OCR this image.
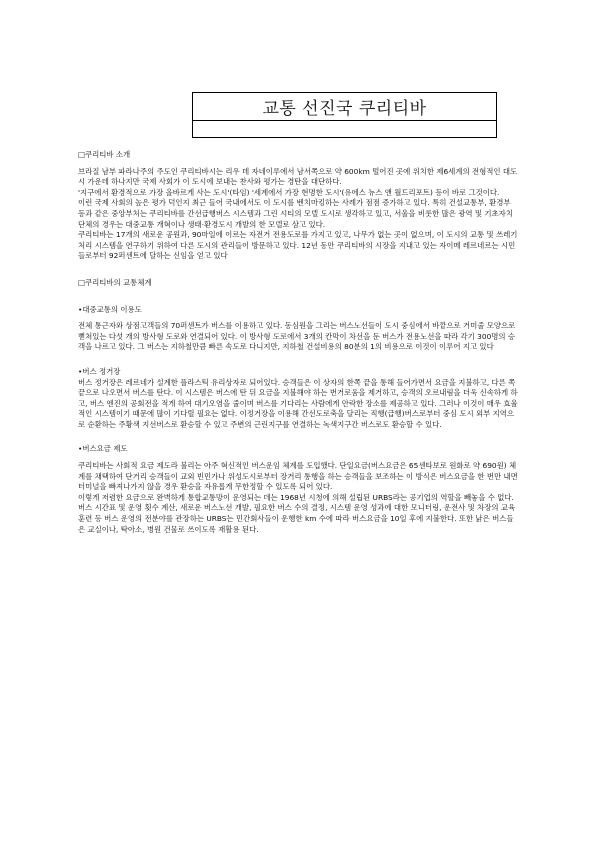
교통 선진국 쿠리티바

□쿠리티바 소개

브라질 남부 파라나주의 주도인 쿠리티바시는 리우 데 자네이루에서 남서쪽으로 약 600km 떨어진 곳에 위치한 제6세계의 전형적인 대도시 가운데 하나지만 국제 사회가 이 도시에 보내는 찬사와 평가는 경탄을 대단하다.

'지구에서 환경적으로 가장 올바르게 사는 도시'(타임) '세계에서 가장 현명한 도시'(유에스 뉴스 앤 월드리포트) 등이 바로 그것이다.

이런 국제 사회의 높은 평가 덕인지 최근 들어 국내에서도 이 도시를 벤치마킹하는 사례가 점점 증가하고 있다. 특히 건설교통부, 환경부 등과 같은 중앙부처는 쿠리티바를 간선급행버스 시스템과 그린 시티의 모델 도시로 생각하고 있고, 서울을 비롯한 많은 광역 및 기초자치단체의 경우는 대중교통 개혁이나 생태·환경도시 개발의 한 모델로 삼고 있다.

쿠리티바는 17개의 새로운 공원과, 90마일에 이르는 자전거 전용도로를 가지고 있고, 나무가 없는 곳이 없으며, 이 도시의 교통 및 쓰레기처리 시스템을 연구하기 위하여 다른 도시의 관리들이 방문하고 있다. 12년 동안 쿠리티바의 시장을 지내고 있는 자이메 레르네르는 시민들로부터 92퍼센트에 달하는 신임을 얻고 있다

□쿠리티바의 교통체계

•대중교통의 이용도

전체 통근자와 상점고객들의 70퍼센트가 버스를 이용하고 있다. 동심원을 그리는 버스노선들이 도시 중심에서 바깥으로 거미줄 모양으로 뻗쳐있는 다섯 개의 방사형 도로와 연결되어 있다. 이 방사형 도로에서 3개의 칸막이 차선을 둔 버스가 전용노선을 따라 각기 300명의 승객을 나르고 있다. 그 버스는 지하철만큼 빠른 속도로 다니지만, 지하철 건설비용의 80분의 1의 비용으로 이것이 이루어 지고 있다

•버스 정거장

버스 정거장은 레르네가 설계한 플라스틱 유리상자로 되어있다. 승객들은 이 상자의 한쪽 끝을 통해 들어가면서 요금을 지불하고, 다른 쪽 끝으로 나오면서 버스를 탄다. 이 시스템은 버스에 탄 뒤 요금을 지불해야 하는 번거로움을 제거하고, 승객의 오르내림을 더욱 신속하게 하고, 버스 엔진의 공회전을 적게 하여 대기오염을 줄이며 버스를 기다리는 사람에게 안락한 장소를 제공하고 있다. 그러나 이것이 매우 효율적인 시스템이기 때문에 많이 기다릴 필요는 없다. 이정거장을 이용해 간선도로축을 달리는 직행(급행)버스로부터 중심 도시 외부 지역으로 순환하는 주황색 지선버스로 환승할 수 있고 주변의 근린지구를 연결하는 녹색지구간 버스로도 환승할 수 있다.

•버스요금 제도

쿠리티바는 사회적 요금 제도라 불리는 아주 혁신적인 버스운임 체계를 도입했다. 단일요금(버스요금은 65센타보로 원화로 약 690원) 체계를 채택하여 단거리 승객들이 교외 빈민가나 위성도시로부터 장거리 통행을 하는 승객들을 보조하는 이 방식은 버스요금을 한 번만 내면 터미널을 빠져나가지 않을 경우 환승을 자유롭게 무한정할 수 있도록 되어 있다.

이렇게 저렴한 요금으로 완벽하게 통합교통망이 운영되는 데는 1968년 시청에 의해 설립된 URBS라는 공기업의 역할을 빼놓을 수 없다. 버스 시간표 및 운영 횟수 계산, 새로운 버스노선 개발, 필요한 버스 수의 결정, 시스템 운영 성과에 대한 모니터링, 운전사 및 차장의 교육훈련 등 버스 운영의 전분야를 관장하는 URBS는 민간회사들이 운행한 km 수에 따라 버스요금을 10일 후에 지불한다. 또한 낡은 버스들은 교실이나, 탁아소, 병원 건물로 쓰이도록 재활용 된다.
